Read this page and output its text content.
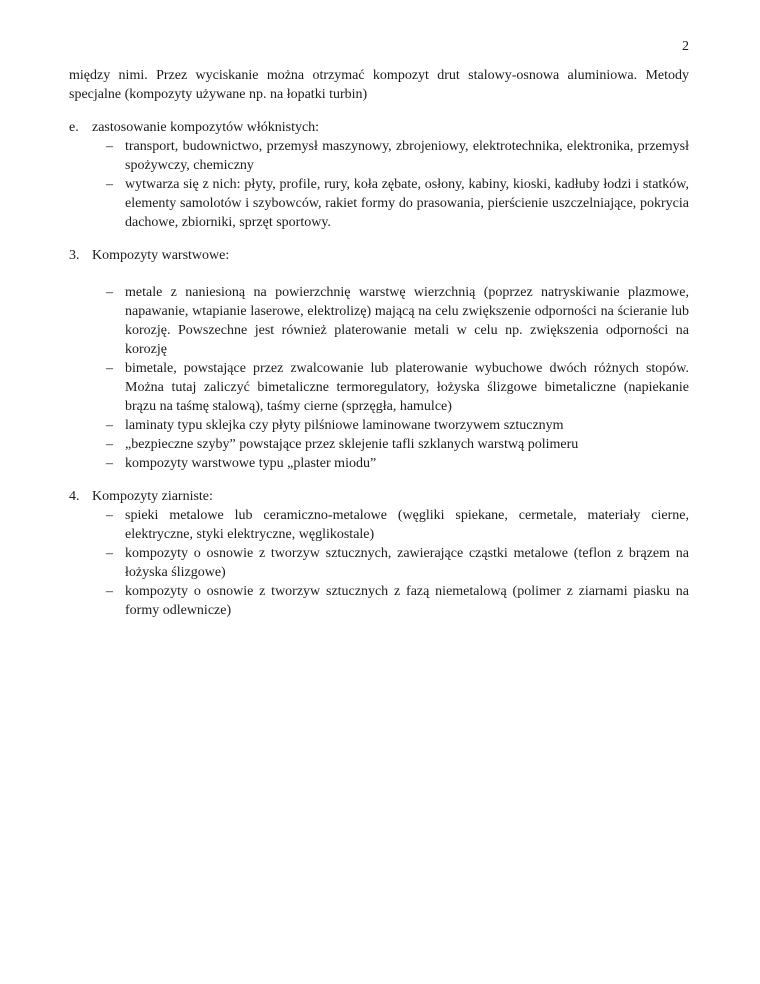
2

między nimi. Przez wyciskanie można otrzymać kompozyt drut stalowy-osnowa aluminiowa. Metody specjalne (kompozyty używane np. na łopatki turbin)

e. zastosowanie kompozytów włóknistych:
– transport, budownictwo, przemysł maszynowy, zbrojeniowy, elektrotechnika, elektronika, przemysł spożywczy, chemiczny
– wytwarza się z nich: płyty, profile, rury, koła zębate, osłony, kabiny, kioski, kadłuby łodzi i statków, elementy samolotów i szybowców, rakiet formy do prasowania, pierścienie uszczelniające, pokrycia dachowe, zbiorniki, sprzęt sportowy.
3. Kompozyty warstwowe:
– metale z naniesioną na powierzchnię warstwę wierzchnią (poprzez natryskiwanie plazmowe, napawanie, wtapianie laserowe, elektrolizę) mającą na celu zwiększenie odporności na ścieranie lub korozję. Powszechne jest również platerowanie metali w celu np. zwiększenia odporności na korozję
– bimetale, powstające przez zwalcowanie lub platerowanie wybuchowe dwóch różnych stopów. Można tutaj zaliczyć bimetaliczne termoregulatory, łożyska ślizgowe bimetaliczne (napiekanie brązu na taśmę stalową), taśmy cierne (sprzęgła, hamulce)
– laminaty typu sklejka czy płyty pilśniowe laminowane tworzywem sztucznym
– „bezpieczne szyby” powstające przez sklejenie tafli szklanych warstwą polimeru
– kompozyty warstwowe typu „plaster miodu”
4. Kompozyty ziarniste:
– spieki metalowe lub ceramiczno-metalowe (węgliki spiekane, cermetale, materiały cierne, elektryczne, styki elektryczne, węglikostale)
– kompozyty o osnowie z tworzyw sztucznych, zawierające cząstki metalowe (teflon z brązem na łożyska ślizgowe)
– kompozyty o osnowie z tworzyw sztucznych z fazą niemetalową (polimer z ziarnami piasku na formy odlewnicze)
